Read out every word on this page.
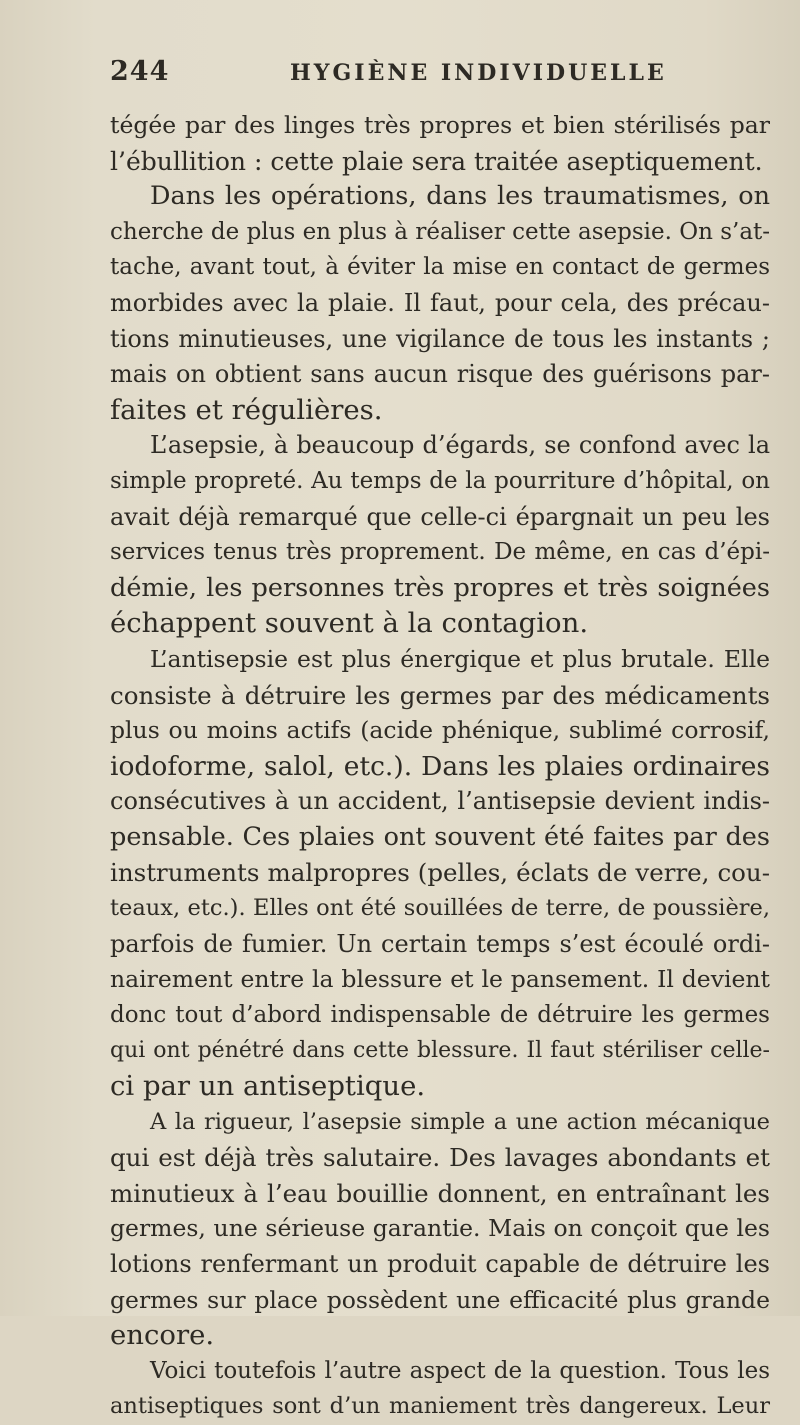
244	HYGIÈNE INDIVIDUELLE
tégée par des linges très propres et bien stérilisés par
l’ébullition : cette plaie sera traitée aseptiquement.
Dans les opérations, dans les traumatismes, on
cherche de plus en plus à réaliser cette asepsie. On s’at-
tache, avant tout, à éviter la mise en contact de germes
morbides avec la plaie. Il faut, pour cela, des précau-
tions minutieuses, une vigilance de tous les instants ;
mais on obtient sans aucun risque des guérisons par-
faites et régulières.
L’asepsie, à beaucoup d’égards, se confond avec la
simple propreté. Au temps de la pourriture d’hôpital, on
avait déjà remarqué que celle-ci épargnait un peu les
services tenus très proprement. De même, en cas d’épi-
démie, les personnes très propres et très soignées
échappent souvent à la contagion.
L’antisepsie est plus énergique et plus brutale. Elle
consiste à détruire les germes par des médicaments
plus ou moins actifs (acide phénique, sublimé corrosif,
iodoforme, salol, etc.). Dans les plaies ordinaires
consécutives à un accident, l’antisepsie devient indis-
pensable. Ces plaies ont souvent été faites par des
instruments malpropres (pelles, éclats de verre, cou-
teaux, etc.). Elles ont été souillées de terre, de poussière,
parfois de fumier. Un certain temps s’est écoulé ordi-
nairement entre la blessure et le pansement. Il devient
donc tout d’abord indispensable de détruire les germes
qui ont pénétré dans cette blessure. Il faut stériliser celle-
ci par un antiseptique.
A la rigueur, l’asepsie simple a une action mécanique
qui est déjà très salutaire. Des lavages abondants et
minutieux à l’eau bouillie donnent, en entraînant les
germes, une sérieuse garantie. Mais on conçoit que les
lotions renfermant un produit capable de détruire les
germes sur place possèdent une efficacité plus grande
encore.
Voici toutefois l’autre aspect de la question. Tous les
antiseptiques sont d’un maniement très dangereux. Leur
